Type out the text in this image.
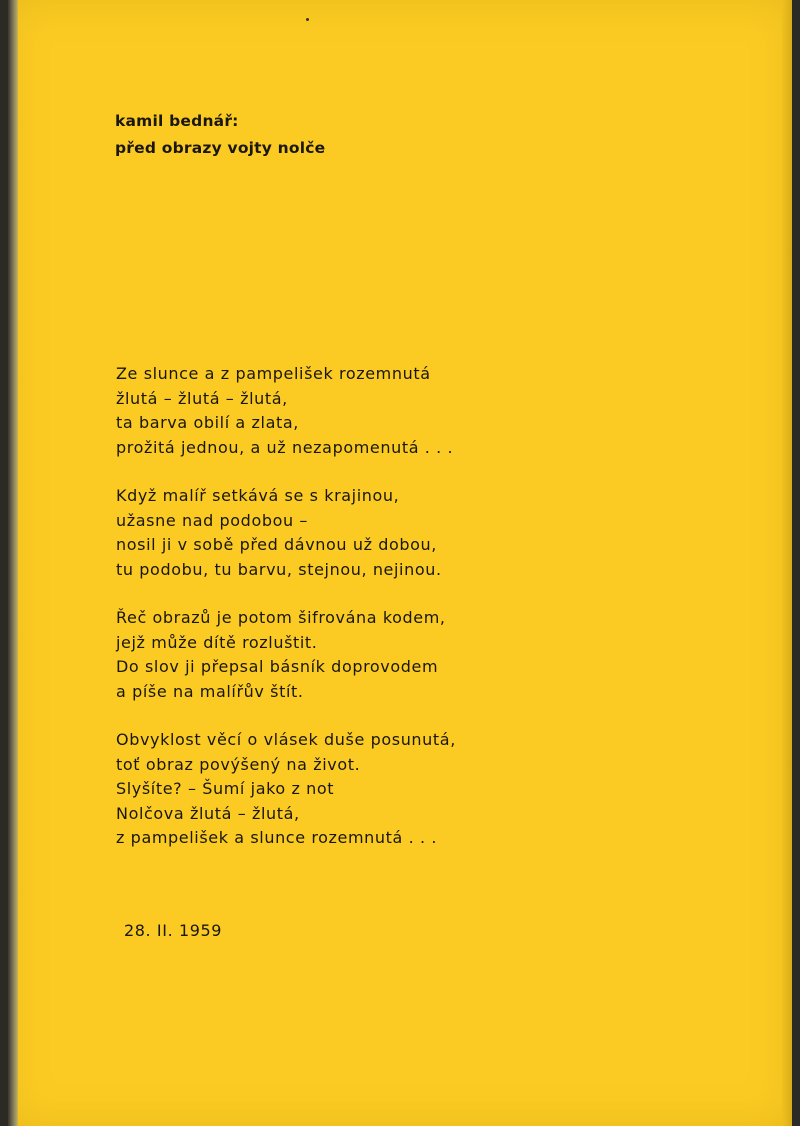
kamil bednář:
před obrazy vojty nolče
Ze slunce a z pampelišek rozemnutá
žlutá – žlutá – žlutá,
ta barva obilí a zlata,
prožitá jednou, a už nezapomenutá . . .
Když malíř setkává se s krajinou,
užasne nad podobou –
nosil ji v sobě před dávnou už dobou,
tu podobu, tu barvu, stejnou, nejinou.
Řeč obrazů je potom šifrována kodem,
jejž může dítě rozluštit.
Do slov ji přepsal básník doprovodem
a píše na malířův štít.
Obvyklost věcí o vlásek duše posunutá,
toť obraz povýšený na život.
Slyšíte? – Šumí jako z not
Nolčova žlutá – žlutá,
z pampelišek a slunce rozemnutá . . .
28. II. 1959
